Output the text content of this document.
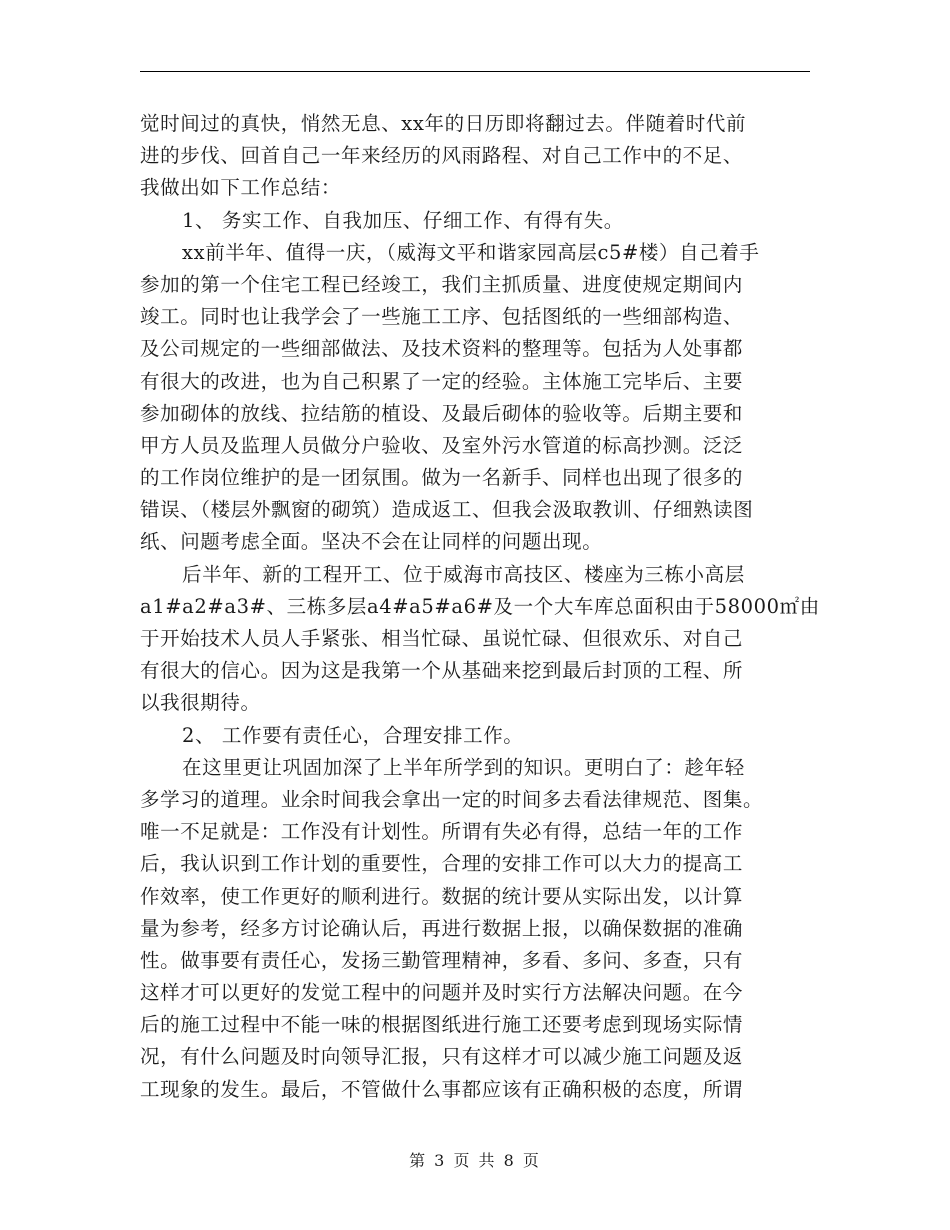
觉时间过的真快，悄然无息、xx年的日历即将翻过去。伴随着时代前
进的步伐、回首自己一年来经历的风雨路程、对自己工作中的不足、
我做出如下工作总结：
1、 务实工作、自我加压、仔细工作、有得有失。
xx前半年、值得一庆，（威海文平和谐家园高层c5#楼）自己着手
参加的第一个住宅工程已经竣工，我们主抓质量、进度使规定期间内
竣工。同时也让我学会了一些施工工序、包括图纸的一些细部构造、
及公司规定的一些细部做法、及技术资料的整理等。包括为人处事都
有很大的改进，也为自己积累了一定的经验。主体施工完毕后、主要
参加砌体的放线、拉结筋的植设、及最后砌体的验收等。后期主要和
甲方人员及监理人员做分户验收、及室外污水管道的标高抄测。泛泛
的工作岗位维护的是一团氛围。做为一名新手、同样也出现了很多的
错误、（楼层外飘窗的砌筑）造成返工、但我会汲取教训、仔细熟读图
纸、问题考虑全面。坚决不会在让同样的问题出现。
后半年、新的工程开工、位于威海市高技区、楼座为三栋小高层
a1#a2#a3#、三栋多层a4#a5#a6#及一个大车库总面积由于58000㎡由
于开始技术人员人手紧张、相当忙碌、虽说忙碌、但很欢乐、对自己
有很大的信心。因为这是我第一个从基础来挖到最后封顶的工程、所
以我很期待。
2、 工作要有责任心，合理安排工作。
在这里更让巩固加深了上半年所学到的知识。更明白了：趁年轻
多学习的道理。业余时间我会拿出一定的时间多去看法律规范、图集。
唯一不足就是：工作没有计划性。所谓有失必有得，总结一年的工作
后，我认识到工作计划的重要性，合理的安排工作可以大力的提高工
作效率，使工作更好的顺利进行。数据的统计要从实际出发，以计算
量为参考，经多方讨论确认后，再进行数据上报，以确保数据的准确
性。做事要有责任心，发扬三勤管理精神，多看、多问、多查，只有
这样才可以更好的发觉工程中的问题并及时实行方法解决问题。在今
后的施工过程中不能一味的根据图纸进行施工还要考虑到现场实际情
况，有什么问题及时向领导汇报，只有这样才可以减少施工问题及返
工现象的发生。最后，不管做什么事都应该有正确积极的态度，所谓
第 3 页 共 8 页
